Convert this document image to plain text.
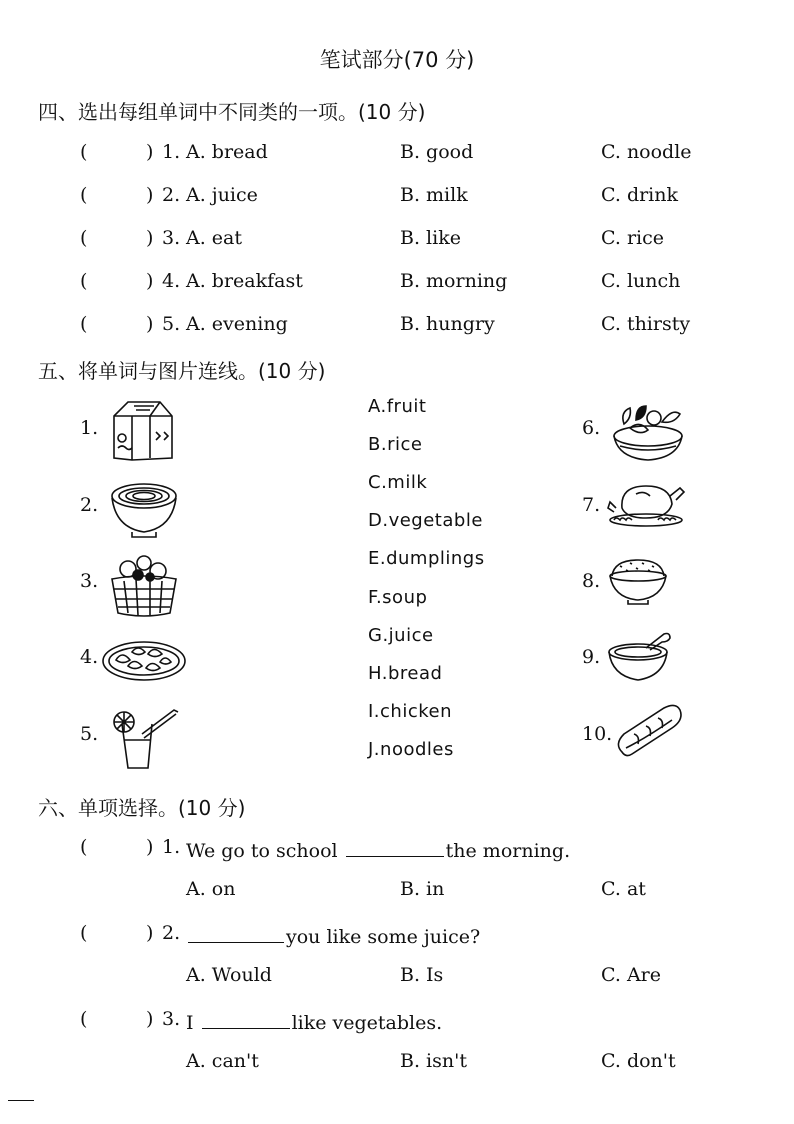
笔试部分(70 分)
四、选出每组单词中不同类的一项。(10 分)
(	) 1. A. bread	B. good	C. noodle
(	) 2. A. juice	B. milk	C. drink
(	) 3. A. eat	B. like	C. rice
(	) 4. A. breakfast	B. morning	C. lunch
(	) 5. A. evening	B. hungry	C. thirsty
五、将单词与图片连线。(10 分)
1.
2.
3.
4.
5.
6.
7.
8.
9.
10.
A.fruit
B.rice
C.milk
D.vegetable
E.dumplings
F.soup
G.juice
H.bread
I.chicken
J.noodles
六、单项选择。(10 分)
(	) 1. We go to school	the morning.
A. on	B. in	C. at
(	) 2.	you like some juice?
A. Would	B. Is	C. Are
(	) 3. I	like vegetables.
A. can't	B. isn't	C. don't
